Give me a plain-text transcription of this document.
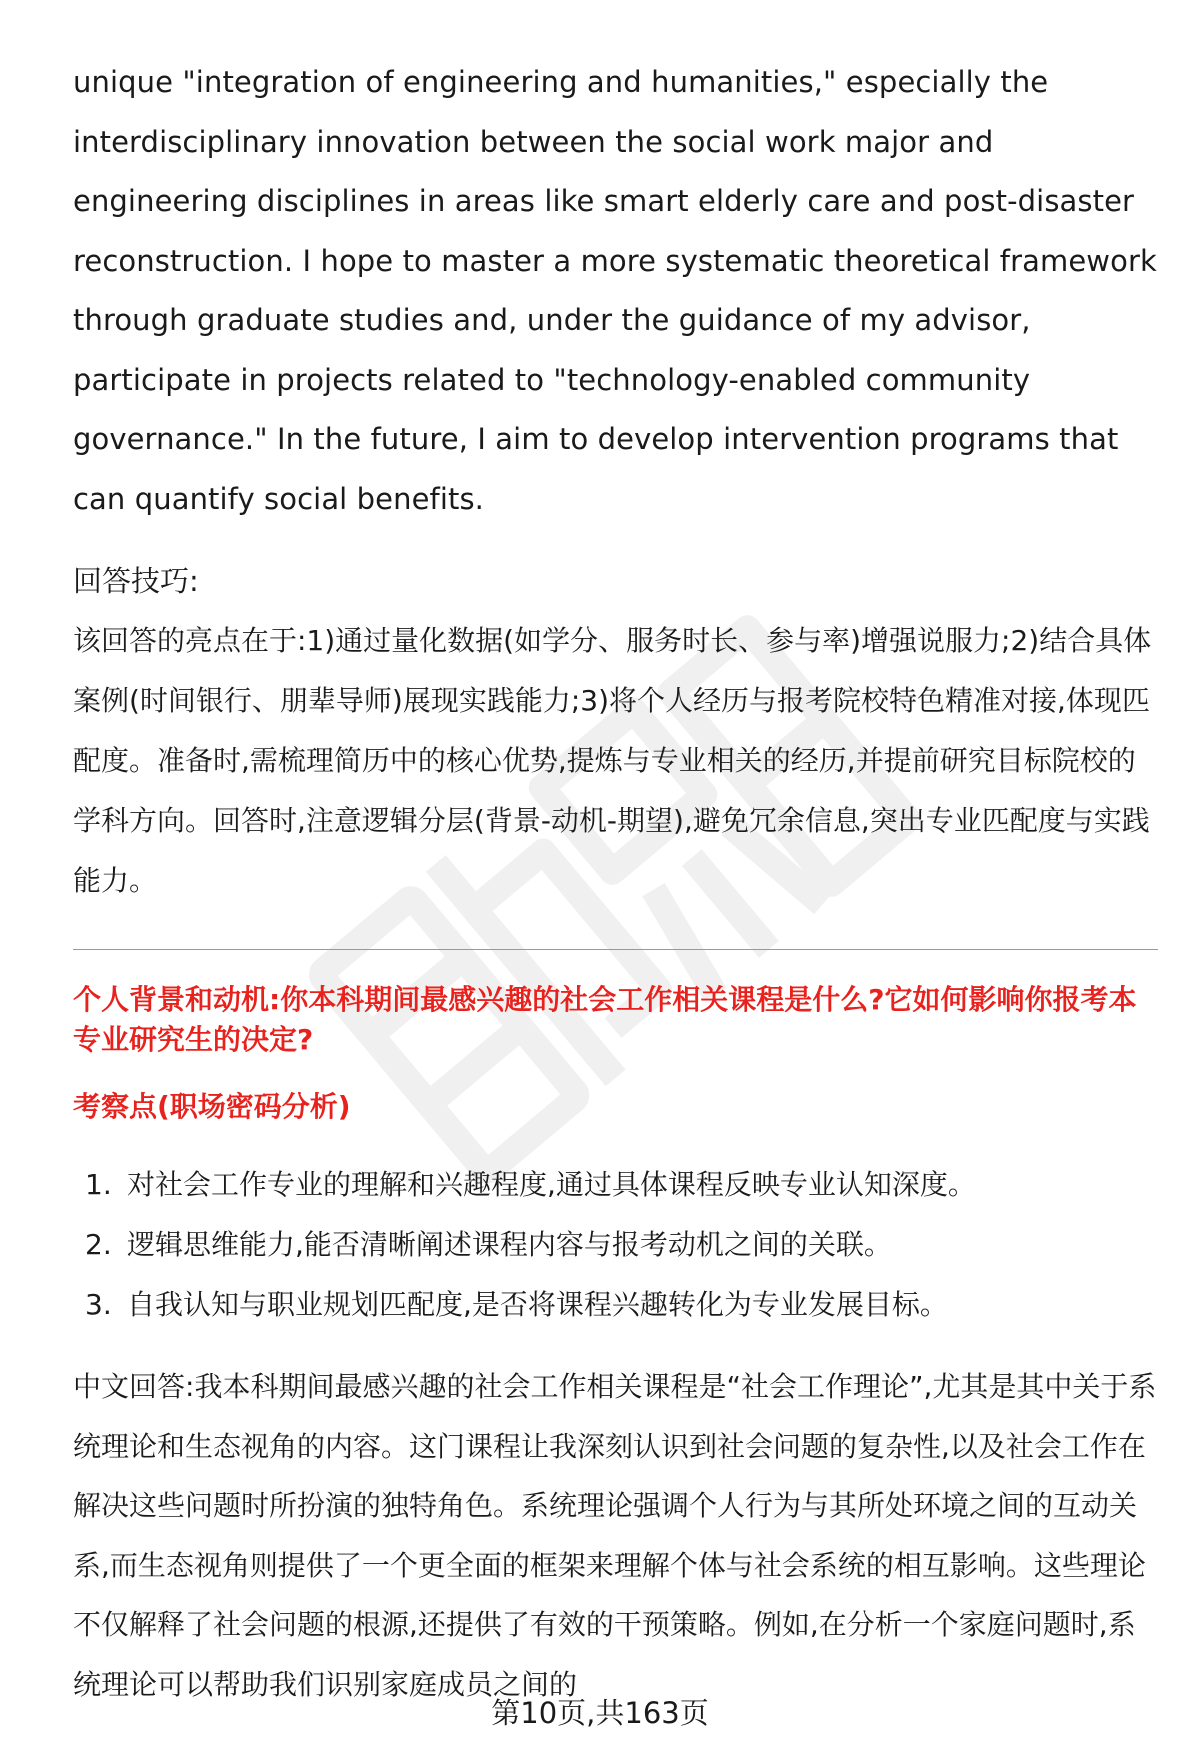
unique "integration of engineering and humanities," especially the interdisciplinary innovation between the social work major and engineering disciplines in areas like smart elderly care and post-disaster reconstruction. I hope to master a more systematic theoretical framework through graduate studies and, under the guidance of my advisor, participate in projects related to "technology-enabled community governance." In the future, I aim to develop intervention programs that can quantify social benefits.

回答技巧:

该回答的亮点在于:1)通过量化数据(如学分、服务时长、参与率)增强说服力;2)结合具体案例(时间银行、朋辈导师)展现实践能力;3)将个人经历与报考院校特色精准对接,体现匹配度。准备时,需梳理简历中的核心优势,提炼与专业相关的经历,并提前研究目标院校的学科方向。回答时,注意逻辑分层(背景-动机-期望),避免冗余信息,突出专业匹配度与实践能力。

个人背景和动机:你本科期间最感兴趣的社会工作相关课程是什么?它如何影响你报考本专业研究生的决定?

考察点(职场密码分析)

1. 对社会工作专业的理解和兴趣程度,通过具体课程反映专业认知深度。
2. 逻辑思维能力,能否清晰阐述课程内容与报考动机之间的关联。
3. 自我认知与职业规划匹配度,是否将课程兴趣转化为专业发展目标。

中文回答:我本科期间最感兴趣的社会工作相关课程是“社会工作理论”,尤其是其中关于系统理论和生态视角的内容。这门课程让我深刻认识到社会问题的复杂性,以及社会工作在解决这些问题时所扮演的独特角色。系统理论强调个人行为与其所处环境之间的互动关系,而生态视角则提供了一个更全面的框架来理解个体与社会系统的相互影响。这些理论不仅解释了社会问题的根源,还提供了有效的干预策略。例如,在分析一个家庭问题时,系统理论可以帮助我们识别家庭成员之间的

第10页,共163页
